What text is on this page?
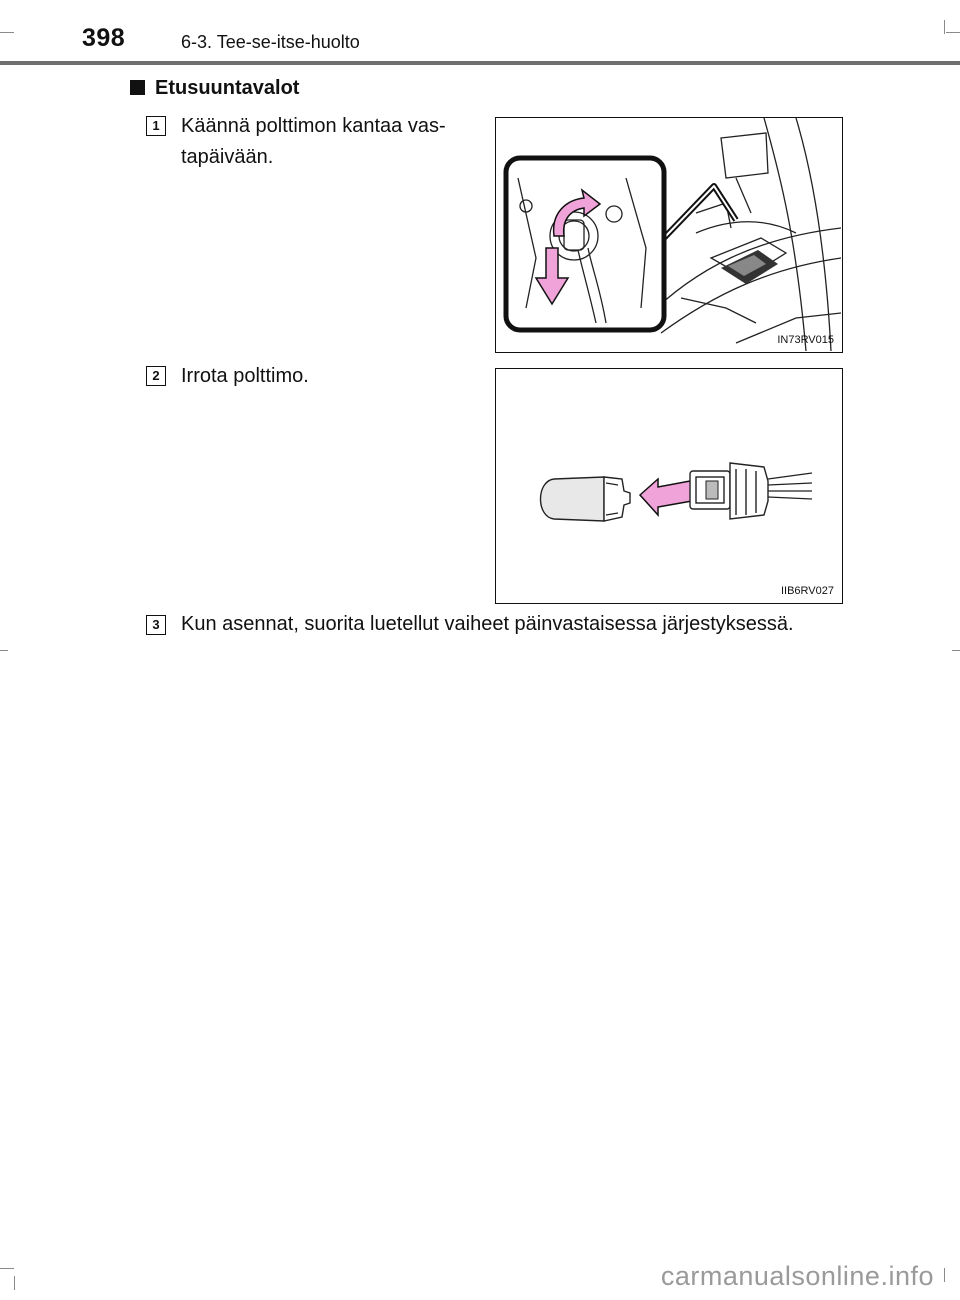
398	6-3. Tee-se-itse-huolto
Etusuuntavalot
1	Käännä polttimon kantaa vas-
tapäivään.
IN73RV015
2	Irrota polttimo.
IIB6RV027
3	Kun asennat, suorita luetellut vaiheet päinvastaisessa järjestyksessä.
carmanualsonline.info
